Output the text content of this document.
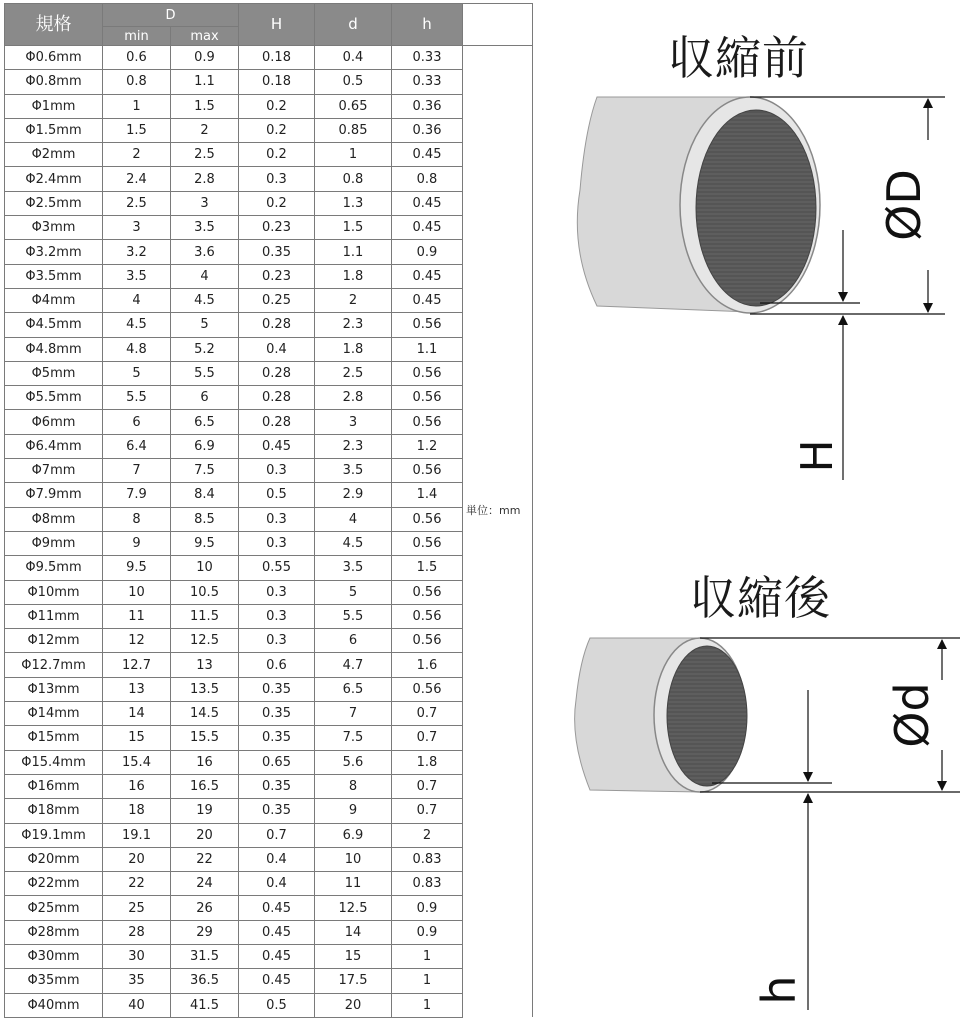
規格	D		H	d	h	
	min	max				
Φ0.6mm	0.6	0.9	0.18	0.4	0.33	
Φ0.8mm	0.8	1.1	0.18	0.5	0.33	
Φ1mm	1	1.5	0.2	0.65	0.36	
Φ1.5mm	1.5	2	0.2	0.85	0.36	
Φ2mm	2	2.5	0.2	1	0.45	
Φ2.4mm	2.4	2.8	0.3	0.8	0.8	
Φ2.5mm	2.5	3	0.2	1.3	0.45	
Φ3mm	3	3.5	0.23	1.5	0.45	
Φ3.2mm	3.2	3.6	0.35	1.1	0.9	
Φ3.5mm	3.5	4	0.23	1.8	0.45	
Φ4mm	4	4.5	0.25	2	0.45	
Φ4.5mm	4.5	5	0.28	2.3	0.56	
Φ4.8mm	4.8	5.2	0.4	1.8	1.1	
Φ5mm	5	5.5	0.28	2.5	0.56	
Φ5.5mm	5.5	6	0.28	2.8	0.56	
Φ6mm	6	6.5	0.28	3	0.56	
Φ6.4mm	6.4	6.9	0.45	2.3	1.2	
Φ7mm	7	7.5	0.3	3.5	0.56	
Φ7.9mm	7.9	8.4	0.5	2.9	1.4	
Φ8mm	8	8.5	0.3	4	0.56	
Φ9mm	9	9.5	0.3	4.5	0.56	
Φ9.5mm	9.5	10	0.55	3.5	1.5	
Φ10mm	10	10.5	0.3	5	0.56	
Φ11mm	11	11.5	0.3	5.5	0.56	
Φ12mm	12	12.5	0.3	6	0.56	
Φ12.7mm	12.7	13	0.6	4.7	1.6	
Φ13mm	13	13.5	0.35	6.5	0.56	
Φ14mm	14	14.5	0.35	7	0.7	
Φ15mm	15	15.5	0.35	7.5	0.7	
Φ15.4mm	15.4	16	0.65	5.6	1.8	
Φ16mm	16	16.5	0.35	8	0.7	
Φ18mm	18	19	0.35	9	0.7	
Φ19.1mm	19.1	20	0.7	6.9	2	
Φ20mm	20	22	0.4	10	0.83	
Φ22mm	22	24	0.4	11	0.83	
Φ25mm	25	26	0.45	12.5	0.9	
Φ28mm	28	29	0.45	14	0.9	
Φ30mm	30	31.5	0.45	15	1	
Φ35mm	35	36.5	0.45	17.5	1	
Φ40mm	40	41.5	0.5	20	1	
単位：mm
収縮前
収縮後
ØD
H
Ød
h
